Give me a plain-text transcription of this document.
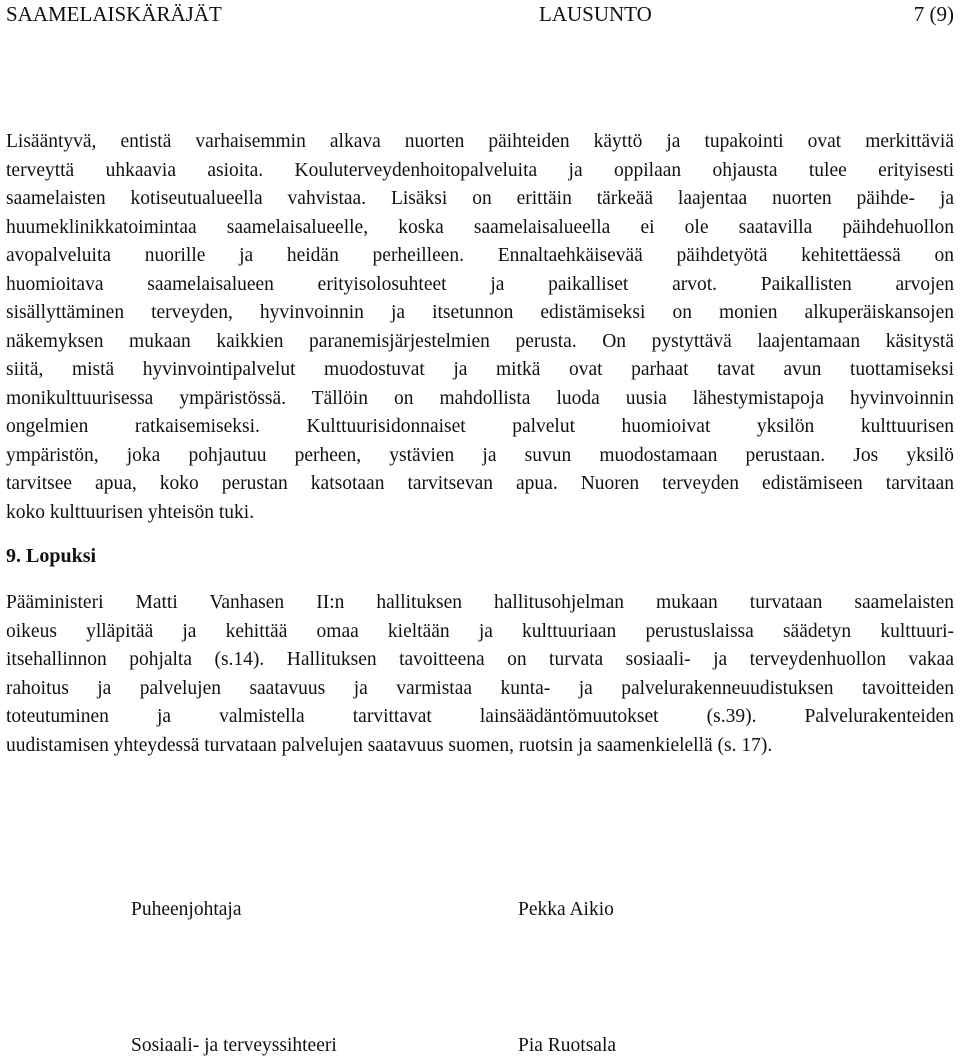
SAAMELAISKÄRÄJÄT	LAUSUNTO	7 (9)
Lisääntyvä, entistä varhaisemmin alkava nuorten päihteiden käyttö ja tupakointi ovat merkittäviä
terveyttä uhkaavia asioita. Kouluterveydenhoitopalveluita ja oppilaan ohjausta tulee erityisesti
saamelaisten kotiseutualueella vahvistaa. Lisäksi on erittäin tärkeää laajentaa nuorten päihde- ja
huumeklinikkatoimintaa saamelaisalueelle, koska saamelaisalueella ei ole saatavilla päihdehuollon
avopalveluita nuorille ja heidän perheilleen. Ennaltaehkäisevää päihdetyötä kehitettäessä on
huomioitava saamelaisalueen erityisolosuhteet ja paikalliset arvot. Paikallisten arvojen
sisällyttäminen terveyden, hyvinvoinnin ja itsetunnon edistämiseksi on monien alkuperäiskansojen
näkemyksen mukaan kaikkien paranemisjärjestelmien perusta. On pystyttävä laajentamaan käsitystä
siitä, mistä hyvinvointipalvelut muodostuvat ja mitkä ovat parhaat tavat avun tuottamiseksi
monikulttuurisessa ympäristössä. Tällöin on mahdollista luoda uusia lähestymistapoja hyvinvoinnin
ongelmien ratkaisemiseksi. Kulttuurisidonnaiset palvelut huomioivat yksilön kulttuurisen
ympäristön, joka pohjautuu perheen, ystävien ja suvun muodostamaan perustaan. Jos yksilö
tarvitsee apua, koko perustan katsotaan tarvitsevan apua. Nuoren terveyden edistämiseen tarvitaan
koko kulttuurisen yhteisön tuki.
9. Lopuksi
Pääministeri Matti Vanhasen II:n hallituksen hallitusohjelman mukaan turvataan saamelaisten
oikeus ylläpitää ja kehittää omaa kieltään ja kulttuuriaan perustuslaissa säädetyn kulttuuri-
itsehallinnon pohjalta (s.14). Hallituksen tavoitteena on turvata sosiaali- ja terveydenhuollon vakaa
rahoitus ja palvelujen saatavuus ja varmistaa kunta- ja palvelurakenneuudistuksen tavoitteiden
toteutuminen ja valmistella tarvittavat lainsäädäntömuutokset (s.39). Palvelurakenteiden
uudistamisen yhteydessä turvataan palvelujen saatavuus suomen, ruotsin ja saamenkielellä (s. 17).
Puheenjohtaja	Pekka Aikio
Sosiaali- ja terveyssihteeri	Pia Ruotsala
